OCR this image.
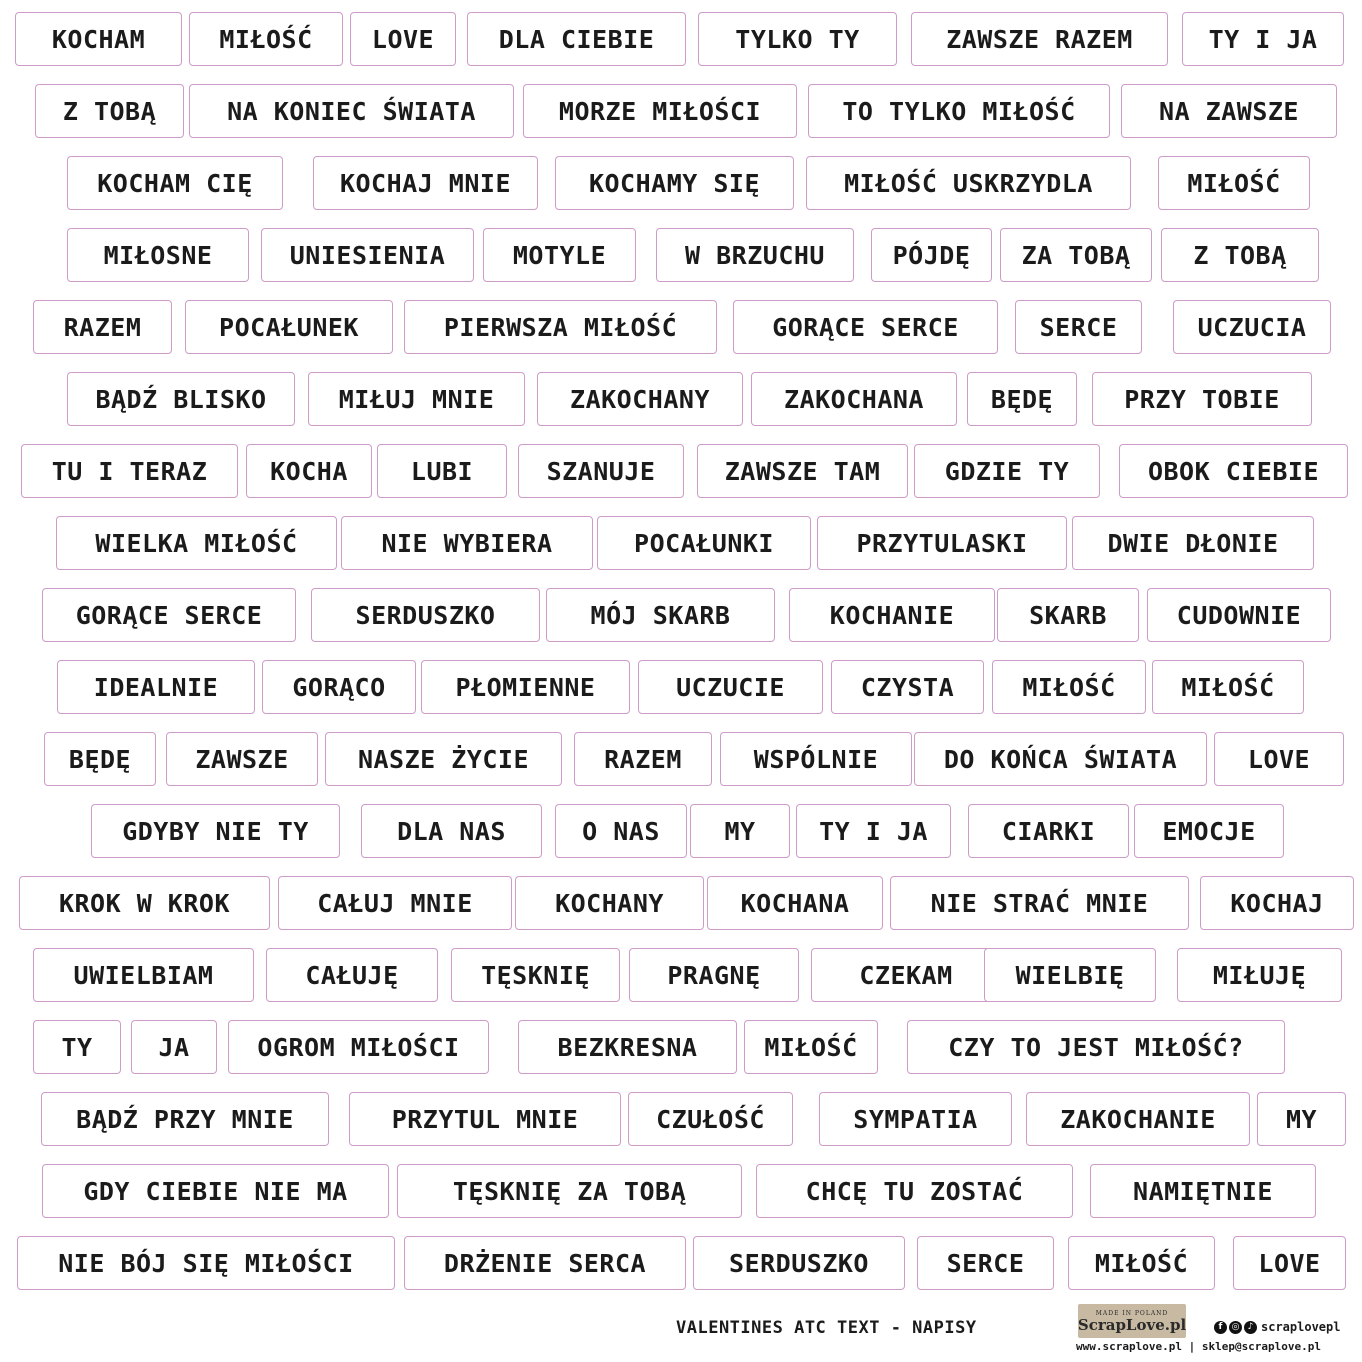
KOCHAM	MIŁOŚĆ	LOVE	DLA CIEBIE	TYLKO TY	ZAWSZE RAZEM	TY I JA
Z TOBĄ	NA KONIEC ŚWIATA	MORZE MIŁOŚCI	TO TYLKO MIŁOŚĆ	NA ZAWSZE
KOCHAM CIĘ	KOCHAJ MNIE	KOCHAMY SIĘ	MIŁOŚĆ USKRZYDLA	MIŁOŚĆ
MIŁOSNE	UNIESIENIA	MOTYLE	W BRZUCHU	PÓJDĘ	ZA TOBĄ	Z TOBĄ
RAZEM	POCAŁUNEK	PIERWSZA MIŁOŚĆ	GORĄCE SERCE	SERCE	UCZUCIA
BĄDŹ BLISKO	MIŁUJ MNIE	ZAKOCHANY	ZAKOCHANA	BĘDĘ	PRZY TOBIE
TU I TERAZ	KOCHA	LUBI	SZANUJE	ZAWSZE TAM	GDZIE TY	OBOK CIEBIE
WIELKA MIŁOŚĆ	NIE WYBIERA	POCAŁUNKI	PRZYTULASKI	DWIE DŁONIE
GORĄCE SERCE	SERDUSZKO	MÓJ SKARB	KOCHANIE	SKARB	CUDOWNIE
IDEALNIE	GORĄCO	PŁOMIENNE	UCZUCIE	CZYSTA	MIŁOŚĆ	MIŁOŚĆ
BĘDĘ	ZAWSZE	NASZE ŻYCIE	RAZEM	WSPÓLNIE	DO KOŃCA ŚWIATA	LOVE
GDYBY NIE TY	DLA NAS	O NAS	MY	TY I JA	CIARKI	EMOCJE
KROK W KROK	CAŁUJ MNIE	KOCHANY	KOCHANA	NIE STRAĆ MNIE	KOCHAJ
UWIELBIAM	CAŁUJĘ	TĘSKNIĘ	PRAGNĘ	CZEKAM	WIELBIĘ	MIŁUJĘ
TY	JA	OGROM MIŁOŚCI	BEZKRESNA	MIŁOŚĆ	CZY TO JEST MIŁOŚĆ?
BĄDŹ PRZY MNIE	PRZYTUL MNIE	CZUŁOŚĆ	SYMPATIA	ZAKOCHANIE	MY
GDY CIEBIE NIE MA	TĘSKNIĘ ZA TOBĄ	CHCĘ TU ZOSTAĆ	NAMIĘTNIE
NIE BÓJ SIĘ MIŁOŚCI	DRŻENIE SERCA	SERDUSZKO	SERCE	MIŁOŚĆ	LOVE
VALENTINES ATC TEXT - NAPISY
MADE IN POLAND
ScrapLove.pl	f	◎ ♪ scraplovepl
www.scraplove.pl | sklep@scraplove.pl
